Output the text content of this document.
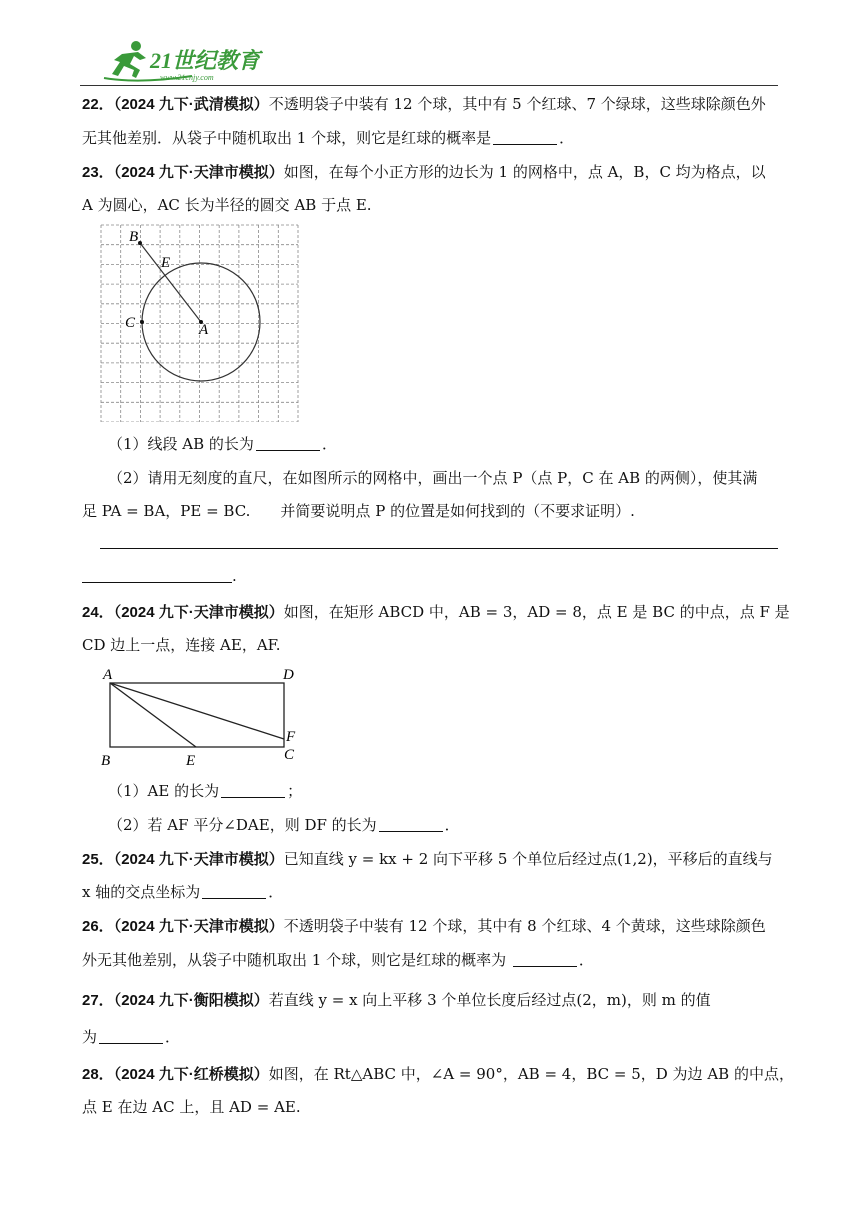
21世纪教育
www.21cnjy.com
22．（2024 九下·武清模拟）不透明袋子中装有 12 个球，其中有 5 个红球、7 个绿球，这些球除颜色外
无其他差别．从袋子中随机取出 1 个球，则它是红球的概率是	．
23．（2024 九下·天津市模拟）如图，在每个小正方形的边长为 1 的网格中，点 A，B，C 均为格点，以
A 为圆心，AC 长为半径的圆交 AB 于点 E.
B
E
C	A
（1）线段 AB 的长为	．
（2）请用无刻度的直尺，在如图所示的网格中，画出一个点 P（点 P，C 在 AB 的两侧），使其满
足 PA = BA，PE = BC.　　并简要说明点 P 的位置是如何找到的（不要求证明）.
.
24．（2024 九下·天津市模拟）如图，在矩形 ABCD 中，AB = 3，AD = 8，点 E 是 BC 的中点，点 F 是
CD 边上一点，连接 AE，AF.
A	D
F
B	E	C
（1）AE 的长为	；
（2）若 AF 平分∠DAE，则 DF 的长为	．
25．（2024 九下·天津市模拟）已知直线 y = kx + 2 向下平移 5 个单位后经过点(1,2)，平移后的直线与
x 轴的交点坐标为	．
26．（2024 九下·天津市模拟）不透明袋子中装有 12 个球，其中有 8 个红球、4 个黄球，这些球除颜色
外无其他差别，从袋子中随机取出 1 个球，则它是红球的概率为	．
27．（2024 九下·衡阳模拟）若直线 y = x 向上平移 3 个单位长度后经过点(2，m)，则 m 的值
为	．
28．（2024 九下·红桥模拟）如图，在 Rt△ABC 中，∠A = 90°，AB = 4，BC = 5，D 为边 AB 的中点，
点 E 在边 AC 上，且 AD = AE.
